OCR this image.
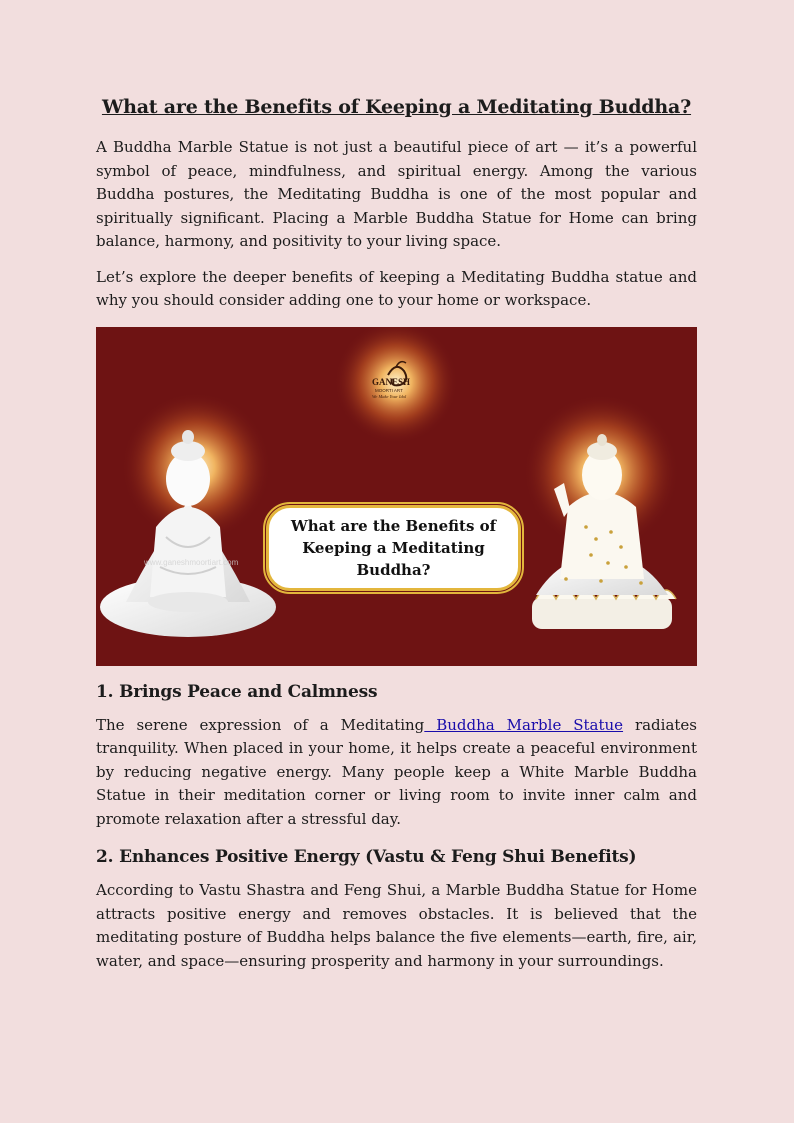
What are the Benefits of Keeping a Meditating Buddha?

A Buddha Marble Statue is not just a beautiful piece of art — it’s a powerful symbol of peace, mindfulness, and spiritual energy. Among the various Buddha postures, the Meditating Buddha is one of the most popular and spiritually significant. Placing a Marble Buddha Statue for Home can bring balance, harmony, and positivity to your living space.

Let’s explore the deeper benefits of keeping a Meditating Buddha statue and why you should consider adding one to your home or workspace.

GANESH
MOORTI ART
We Make Your Idol
www.ganeshmoortiart.com
What are the Benefits of
Keeping a Meditating Buddha?
1. Brings Peace and Calmness

The serene expression of a Meditating Buddha Marble Statue radiates tranquility. When placed in your home, it helps create a peaceful environment by reducing negative energy. Many people keep a White Marble Buddha Statue in their meditation corner or living room to invite inner calm and promote relaxation after a stressful day.

2. Enhances Positive Energy (Vastu & Feng Shui Benefits)

According to Vastu Shastra and Feng Shui, a Marble Buddha Statue for Home attracts positive energy and removes obstacles. It is believed that the meditating posture of Buddha helps balance the five elements—earth, fire, air, water, and space—ensuring prosperity and harmony in your surroundings.
